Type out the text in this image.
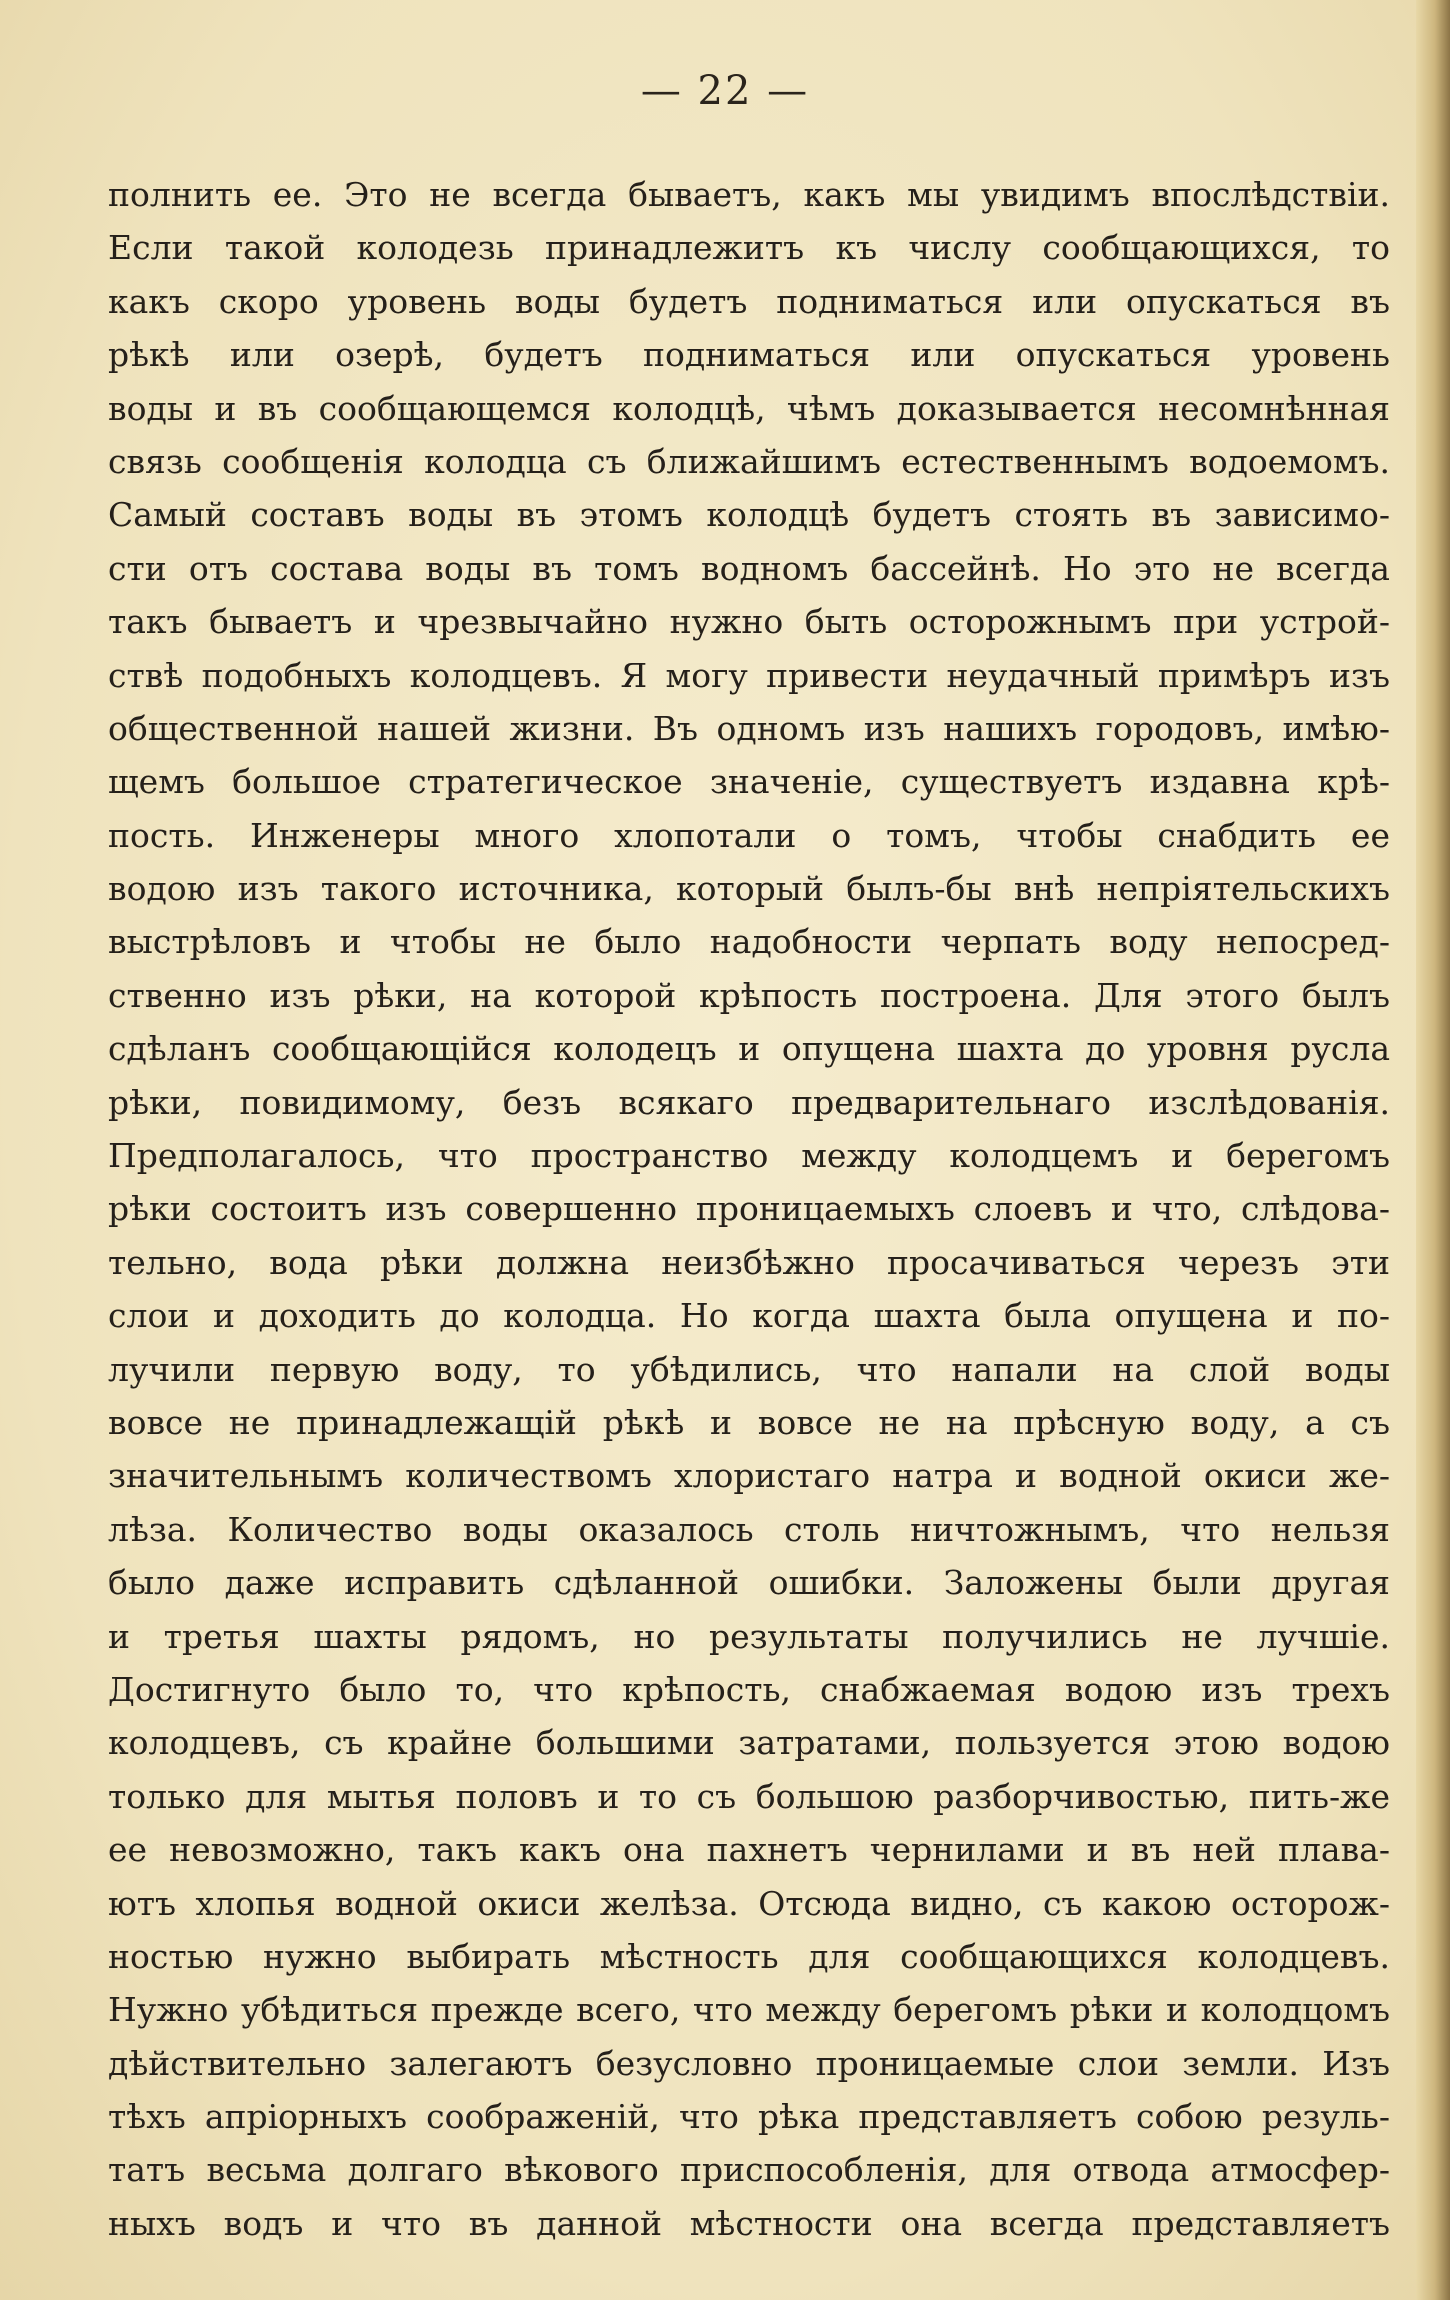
— 22 —
полнить ее. Это не всегда бываетъ, какъ мы увидимъ впослѣдствіи.
Если такой колодезь принадлежитъ къ числу сообщающихся, то
какъ скоро уровень воды будетъ подниматься или опускаться въ
рѣкѣ или озерѣ, будетъ подниматься или опускаться уровень
воды и въ сообщающемся колодцѣ, чѣмъ доказывается несомнѣнная
связь сообщенія колодца съ ближайшимъ естественнымъ водоемомъ.
Самый составъ воды въ этомъ колодцѣ будетъ стоять въ зависимо-
сти отъ состава воды въ томъ водномъ бассейнѣ. Но это не всегда
такъ бываетъ и чрезвычайно нужно быть осторожнымъ при устрой-
ствѣ подобныхъ колодцевъ. Я могу привести неудачный примѣръ изъ
общественной нашей жизни. Въ одномъ изъ нашихъ городовъ, имѣю-
щемъ большое стратегическое значеніе, существуетъ издавна крѣ-
пость. Инженеры много хлопотали о томъ, чтобы снабдить ее
водою изъ такого источника, который былъ-бы внѣ непріятельскихъ
выстрѣловъ и чтобы не было надобности черпать воду непосред-
ственно изъ рѣки, на которой крѣпость построена. Для этого былъ
сдѣланъ сообщающійся колодецъ и опущена шахта до уровня русла
рѣки, повидимому, безъ всякаго предварительнаго изслѣдованія.
Предполагалось, что пространство между колодцемъ и берегомъ
рѣки состоитъ изъ совершенно проницаемыхъ слоевъ и что, слѣдова-
тельно, вода рѣки должна неизбѣжно просачиваться черезъ эти
слои и доходить до колодца. Но когда шахта была опущена и по-
лучили первую воду, то убѣдились, что напали на слой воды
вовсе не принадлежащій рѣкѣ и вовсе не на прѣсную воду, а съ
значительнымъ количествомъ хлористаго натра и водной окиси же-
лѣза. Количество воды оказалось столь ничтожнымъ, что нельзя
было даже исправить сдѣланной ошибки. Заложены были другая
и третья шахты рядомъ, но результаты получились не лучшіе.
Достигнуто было то, что крѣпость, снабжаемая водою изъ трехъ
колодцевъ, съ крайне большими затратами, пользуется этою водою
только для мытья половъ и то съ большою разборчивостью, пить-же
ее невозможно, такъ какъ она пахнетъ чернилами и въ ней плава-
ютъ хлопья водной окиси желѣза. Отсюда видно, съ какою осторож-
ностью нужно выбирать мѣстность для сообщающихся колодцевъ.
Нужно убѣдиться прежде всего, что между берегомъ рѣки и колодцомъ
дѣйствительно залегаютъ безусловно проницаемые слои земли. Изъ
тѣхъ апріорныхъ соображеній, что рѣка представляетъ собою резуль-
татъ весьма долгаго вѣкового приспособленія, для отвода атмосфер-
ныхъ водъ и что въ данной мѣстности она всегда представляетъ
